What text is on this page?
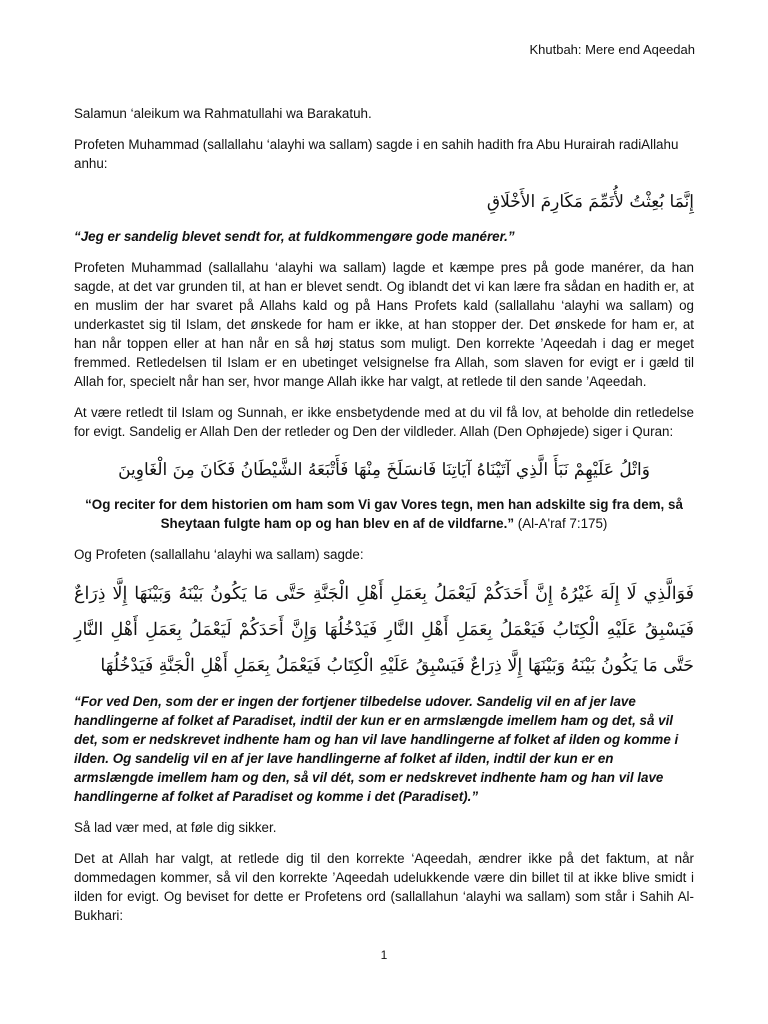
Khutbah: Mere end Aqeedah

Salamun ‘aleikum wa Rahmatullahi wa Barakatuh.

Profeten Muhammad (sallallahu ‘alayhi wa sallam) sagde i en sahih hadith fra Abu Hurairah radiAllahu anhu:

إِنَّمَا بُعِثْتُ لأُتَمِّمَ مَكَارِمَ الأَخْلَاقِ

“Jeg er sandelig blevet sendt for, at fuldkommengøre gode manérer.”

Profeten Muhammad (sallallahu ‘alayhi wa sallam) lagde et kæmpe pres på gode manérer, da han sagde, at det var grunden til, at han er blevet sendt. Og iblandt det vi kan lære fra sådan en hadith er, at en muslim der har svaret på Allahs kald og på Hans Profets kald (sallallahu ‘alayhi wa sallam) og underkastet sig til Islam, det ønskede for ham er ikke, at han stopper der. Det ønskede for ham er, at han når toppen eller at han når en så høj status som muligt. Den korrekte ’Aqeedah i dag er meget fremmed. Retledelsen til Islam er en ubetinget velsignelse fra Allah, som slaven for evigt er i gæld til Allah for, specielt når han ser, hvor mange Allah ikke har valgt, at retlede til den sande ’Aqeedah.

At være retledt til Islam og Sunnah, er ikke ensbetydende med at du vil få lov, at beholde din retledelse for evigt. Sandelig er Allah Den der retleder og Den der vildleder. Allah (Den Ophøjede) siger i Quran:

وَاتْلُ عَلَيْهِمْ نَبَأَ الَّذِي آتَيْنَاهُ آيَاتِنَا فَانسَلَخَ مِنْهَا فَأَتْبَعَهُ الشَّيْطَانُ فَكَانَ مِنَ الْغَاوِينَ

“Og reciter for dem historien om ham som Vi gav Vores tegn, men han adskilte sig fra dem, så Sheytaan fulgte ham op og han blev en af de vildfarne.” (Al-A'raf 7:175)

Og Profeten (sallallahu ‘alayhi wa sallam) sagde:

فَوَالَّذِي لَا إِلَهَ غَيْرُهُ إِنَّ أَحَدَكُمْ لَيَعْمَلُ بِعَمَلِ أَهْلِ الْجَنَّةِ حَتَّى مَا يَكُونُ بَيْنَهُ وَبَيْنَهَا إِلَّا ذِرَاعٌ فَيَسْبِقُ عَلَيْهِ الْكِتَابُ فَيَعْمَلُ بِعَمَلِ أَهْلِ النَّارِ فَيَدْخُلُهَا وَإِنَّ أَحَدَكُمْ لَيَعْمَلُ بِعَمَلِ أَهْلِ النَّارِ حَتَّى مَا يَكُونُ بَيْنَهُ وَبَيْنَهَا إِلَّا ذِرَاعٌ فَيَسْبِقُ عَلَيْهِ الْكِتَابُ فَيَعْمَلُ بِعَمَلِ أَهْلِ الْجَنَّةِ فَيَدْخُلُهَا

“For ved Den, som der er ingen der fortjener tilbedelse udover. Sandelig vil en af jer lave handlingerne af folket af Paradiset, indtil der kun er en armslængde imellem ham og det, så vil det, som er nedskrevet indhente ham og han vil lave handlingerne af folket af ilden og komme i ilden. Og sandelig vil en af jer lave handlingerne af folket af ilden, indtil der kun er en armslængde imellem ham og den, så vil dét, som er nedskrevet indhente ham og han vil lave handlingerne af folket af Paradiset og komme i det (Paradiset).”

Så lad vær med, at føle dig sikker.

Det at Allah har valgt, at retlede dig til den korrekte ‘Aqeedah, ændrer ikke på det faktum, at når dommedagen kommer, så vil den korrekte ’Aqeedah udelukkende være din billet til at ikke blive smidt i ilden for evigt. Og beviset for dette er Profetens ord (sallallahun ‘alayhi wa sallam) som står i Sahih Al-Bukhari:

1
